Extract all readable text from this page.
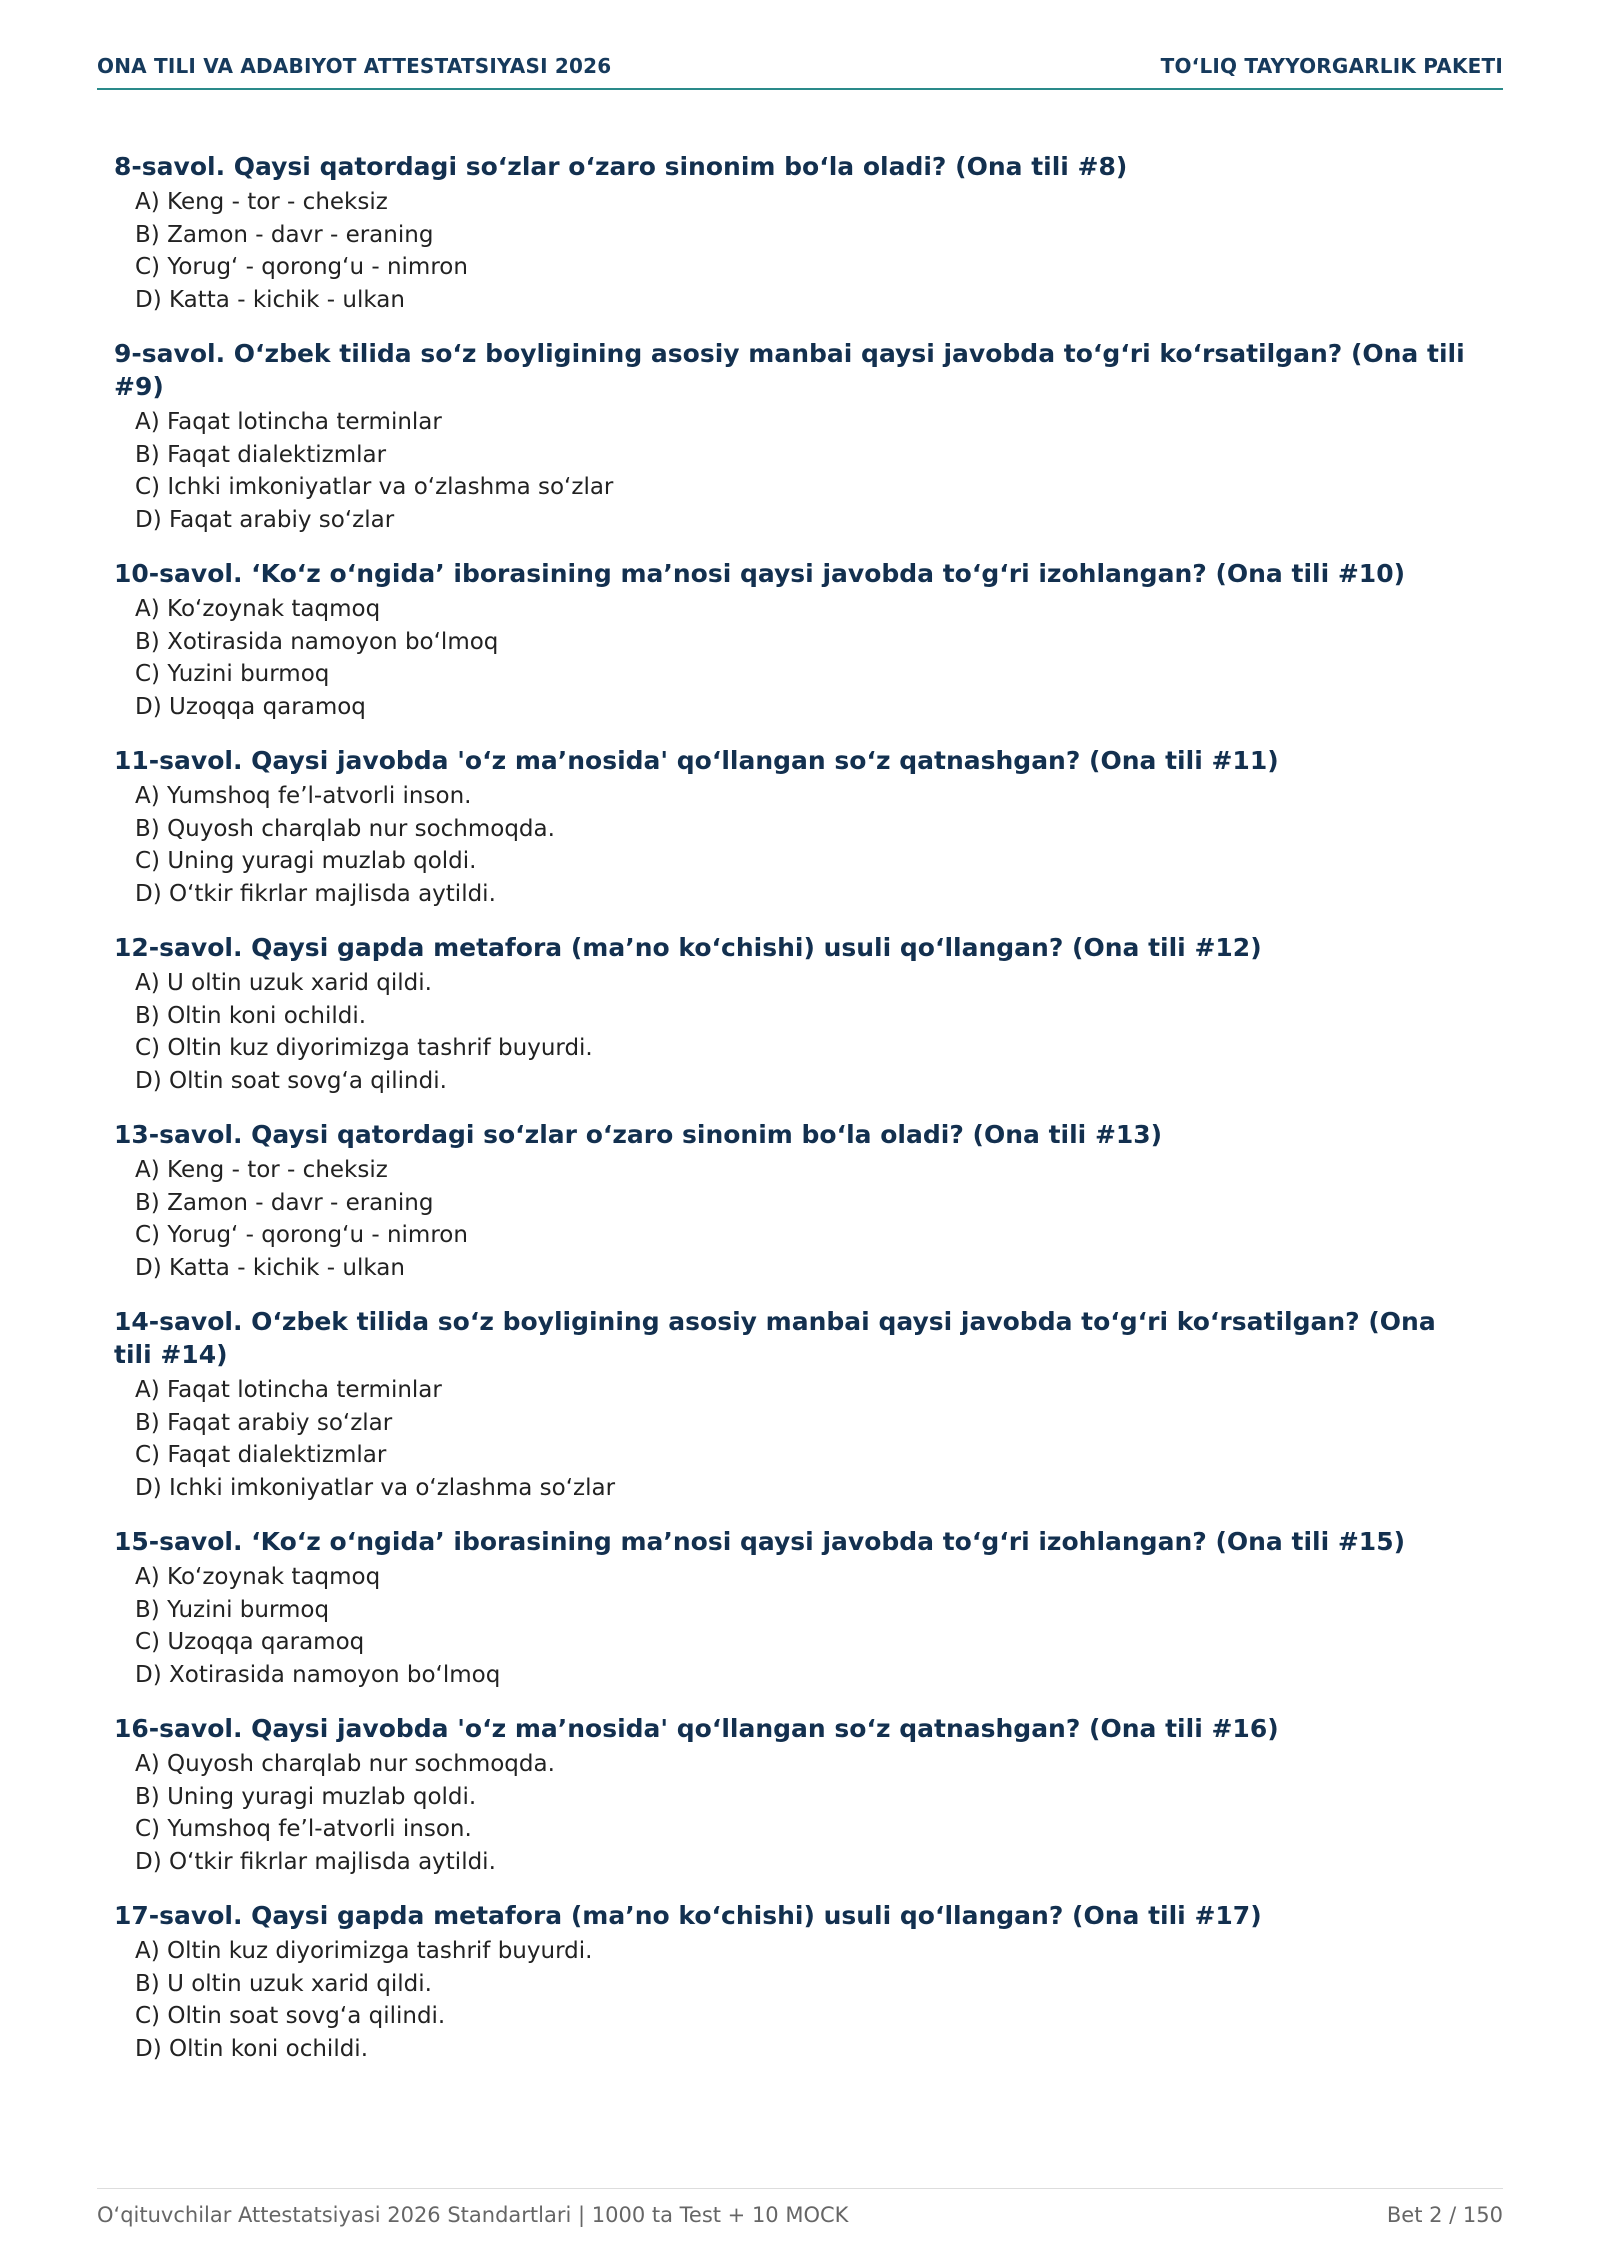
ONA TILI VA ADABIYOT ATTESTATSIYASI 2026	TO‘LIQ TAYYORGARLIK PAKETI
8-savol. Qaysi qatordagi so‘zlar o‘zaro sinonim bo‘la oladi? (Ona tili #8)
A) Keng - tor - cheksiz
B) Zamon - davr - eraning
C) Yorug‘ - qorong‘u - nimron
D) Katta - kichik - ulkan
9-savol. O‘zbek tilida so‘z boyligining asosiy manbai qaysi javobda to‘g‘ri ko‘rsatilgan? (Ona tili #9)
A) Faqat lotincha terminlar
B) Faqat dialektizmlar
C) Ichki imkoniyatlar va o‘zlashma so‘zlar
D) Faqat arabiy so‘zlar
10-savol. ‘Ko‘z o‘ngida’ iborasining ma’nosi qaysi javobda to‘g‘ri izohlangan? (Ona tili #10)
A) Ko‘zoynak taqmoq
B) Xotirasida namoyon bo‘lmoq
C) Yuzini burmoq
D) Uzoqqa qaramoq
11-savol. Qaysi javobda 'o‘z ma’nosida' qo‘llangan so‘z qatnashgan? (Ona tili #11)
A) Yumshoq fe’l-atvorli inson.
B) Quyosh charqlab nur sochmoqda.
C) Uning yuragi muzlab qoldi.
D) O‘tkir fikrlar majlisda aytildi.
12-savol. Qaysi gapda metafora (ma’no ko‘chishi) usuli qo‘llangan? (Ona tili #12)
A) U oltin uzuk xarid qildi.
B) Oltin koni ochildi.
C) Oltin kuz diyorimizga tashrif buyurdi.
D) Oltin soat sovg‘a qilindi.
13-savol. Qaysi qatordagi so‘zlar o‘zaro sinonim bo‘la oladi? (Ona tili #13)
A) Keng - tor - cheksiz
B) Zamon - davr - eraning
C) Yorug‘ - qorong‘u - nimron
D) Katta - kichik - ulkan
14-savol. O‘zbek tilida so‘z boyligining asosiy manbai qaysi javobda to‘g‘ri ko‘rsatilgan? (Ona tili #14)
A) Faqat lotincha terminlar
B) Faqat arabiy so‘zlar
C) Faqat dialektizmlar
D) Ichki imkoniyatlar va o‘zlashma so‘zlar
15-savol. ‘Ko‘z o‘ngida’ iborasining ma’nosi qaysi javobda to‘g‘ri izohlangan? (Ona tili #15)
A) Ko‘zoynak taqmoq
B) Yuzini burmoq
C) Uzoqqa qaramoq
D) Xotirasida namoyon bo‘lmoq
16-savol. Qaysi javobda 'o‘z ma’nosida' qo‘llangan so‘z qatnashgan? (Ona tili #16)
A) Quyosh charqlab nur sochmoqda.
B) Uning yuragi muzlab qoldi.
C) Yumshoq fe’l-atvorli inson.
D) O‘tkir fikrlar majlisda aytildi.
17-savol. Qaysi gapda metafora (ma’no ko‘chishi) usuli qo‘llangan? (Ona tili #17)
A) Oltin kuz diyorimizga tashrif buyurdi.
B) U oltin uzuk xarid qildi.
C) Oltin soat sovg‘a qilindi.
D) Oltin koni ochildi.
O‘qituvchilar Attestatsiyasi 2026 Standartlari | 1000 ta Test + 10 MOCK	Bet 2 / 150
